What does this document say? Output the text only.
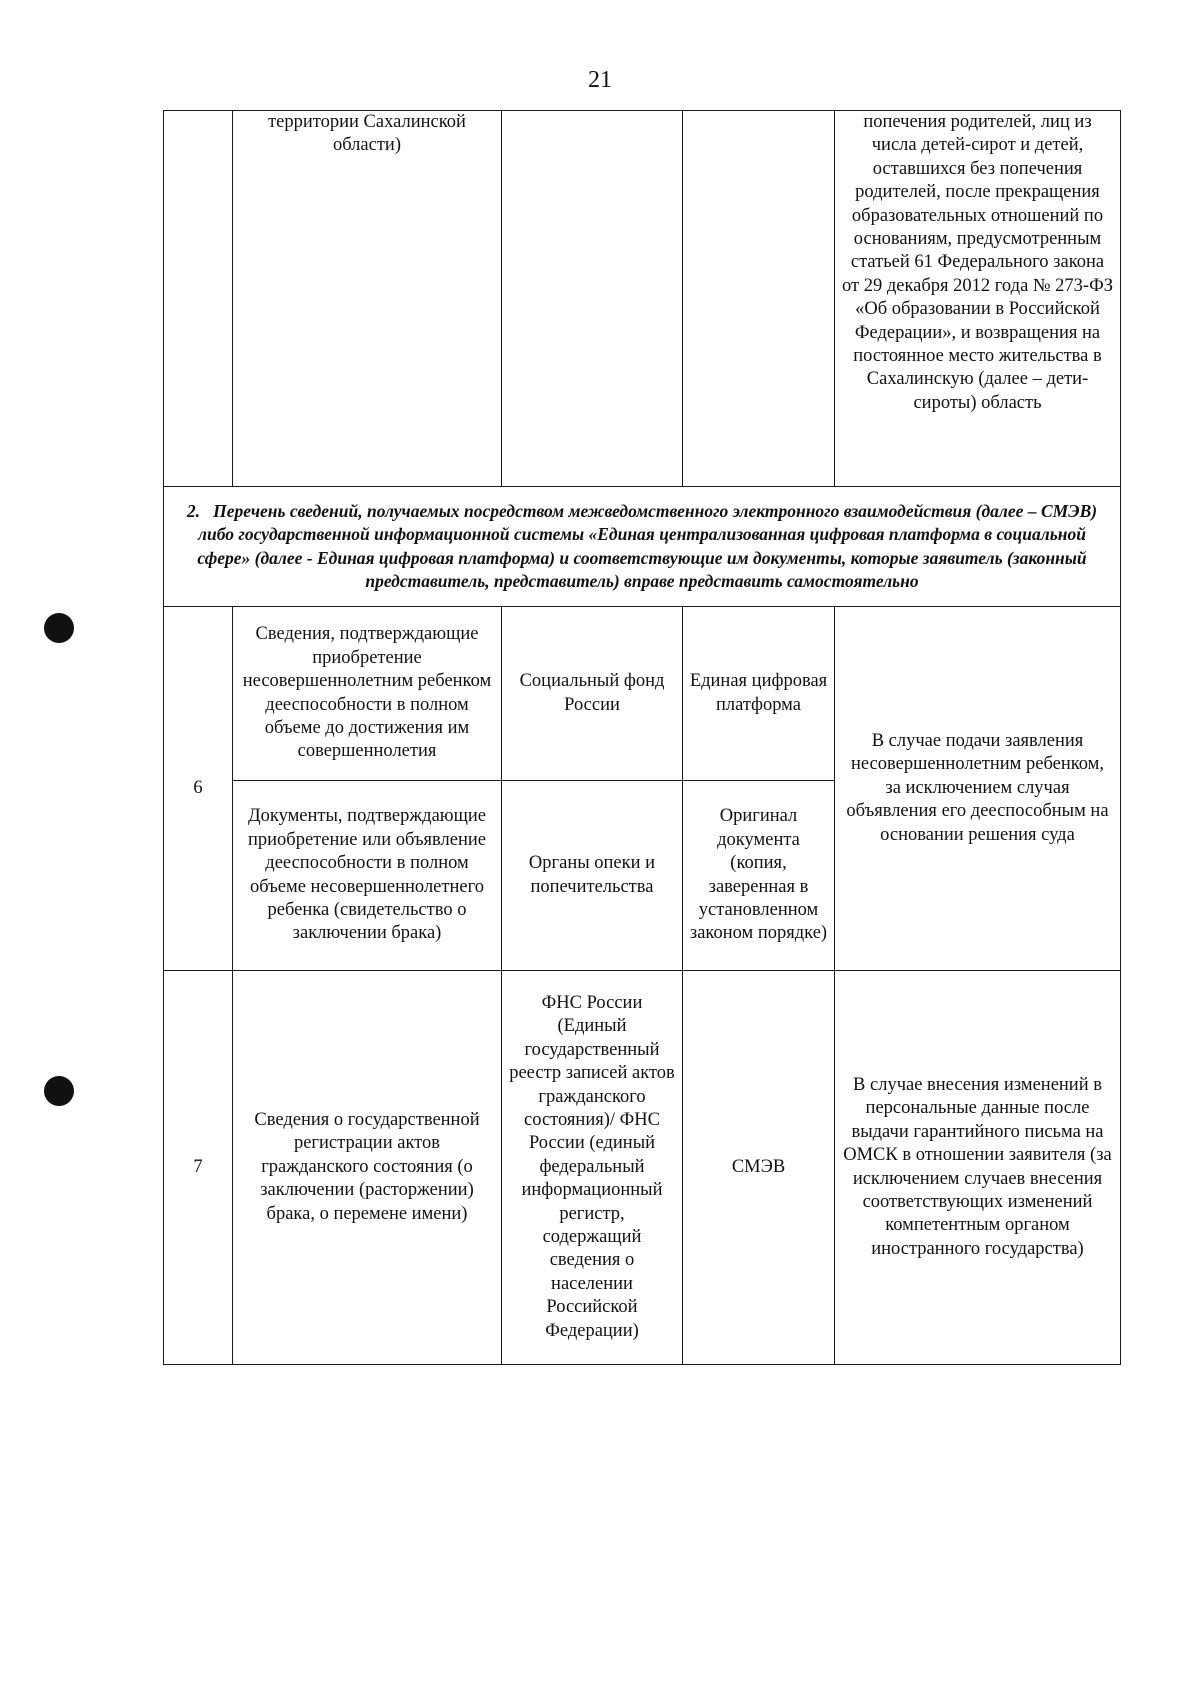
21
	территории Сахалинской области)			попечения родителей, лиц из числа детей-сирот и детей, оставшихся без попечения родителей, после прекращения образовательных отношений по основаниям, предусмотренным статьей 61 Федерального закона от 29 декабря 2012 года № 273-ФЗ «Об образовании в Российской Федерации», и возвращения на постоянное место жительства в Сахалинскую (далее – дети-сироты) область
2. Перечень сведений, получаемых посредством межведомственного электронного взаимодействия (далее – СМЭВ) либо государственной информационной системы «Единая централизованная цифровая платформа в социальной сфере» (далее - Единая цифровая платформа) и соответствующие им документы, которые заявитель (законный представитель, представитель) вправе представить самостоятельно				
6	Сведения, подтверждающие приобретение несовершеннолетним ребенком дееспособности в полном объеме до достижения им совершеннолетия	Социальный фонд России	Единая цифровая платформа	В случае подачи заявления несовершеннолетним ребенком, за исключением случая объявления его дееспособным на основании решения суда
	Документы, подтверждающие приобретение или объявление дееспособности в полном объеме несовершеннолетнего ребенка (свидетельство о заключении брака)	Органы опеки и попечительства	Оригинал документа (копия, заверенная в установленном законом порядке)	
7	Сведения о государственной регистрации актов гражданского состояния (о заключении (расторжении) брака, о перемене имени)	ФНС России (Единый государственный реестр записей актов гражданского состояния)/ ФНС России (единый федеральный информационный регистр, содержащий сведения о населении Российской Федерации)	СМЭВ	В случае внесения изменений в персональные данные после выдачи гарантийного письма на ОМСК в отношении заявителя (за исключением случаев внесения соответствующих изменений компетентным органом иностранного государства)
